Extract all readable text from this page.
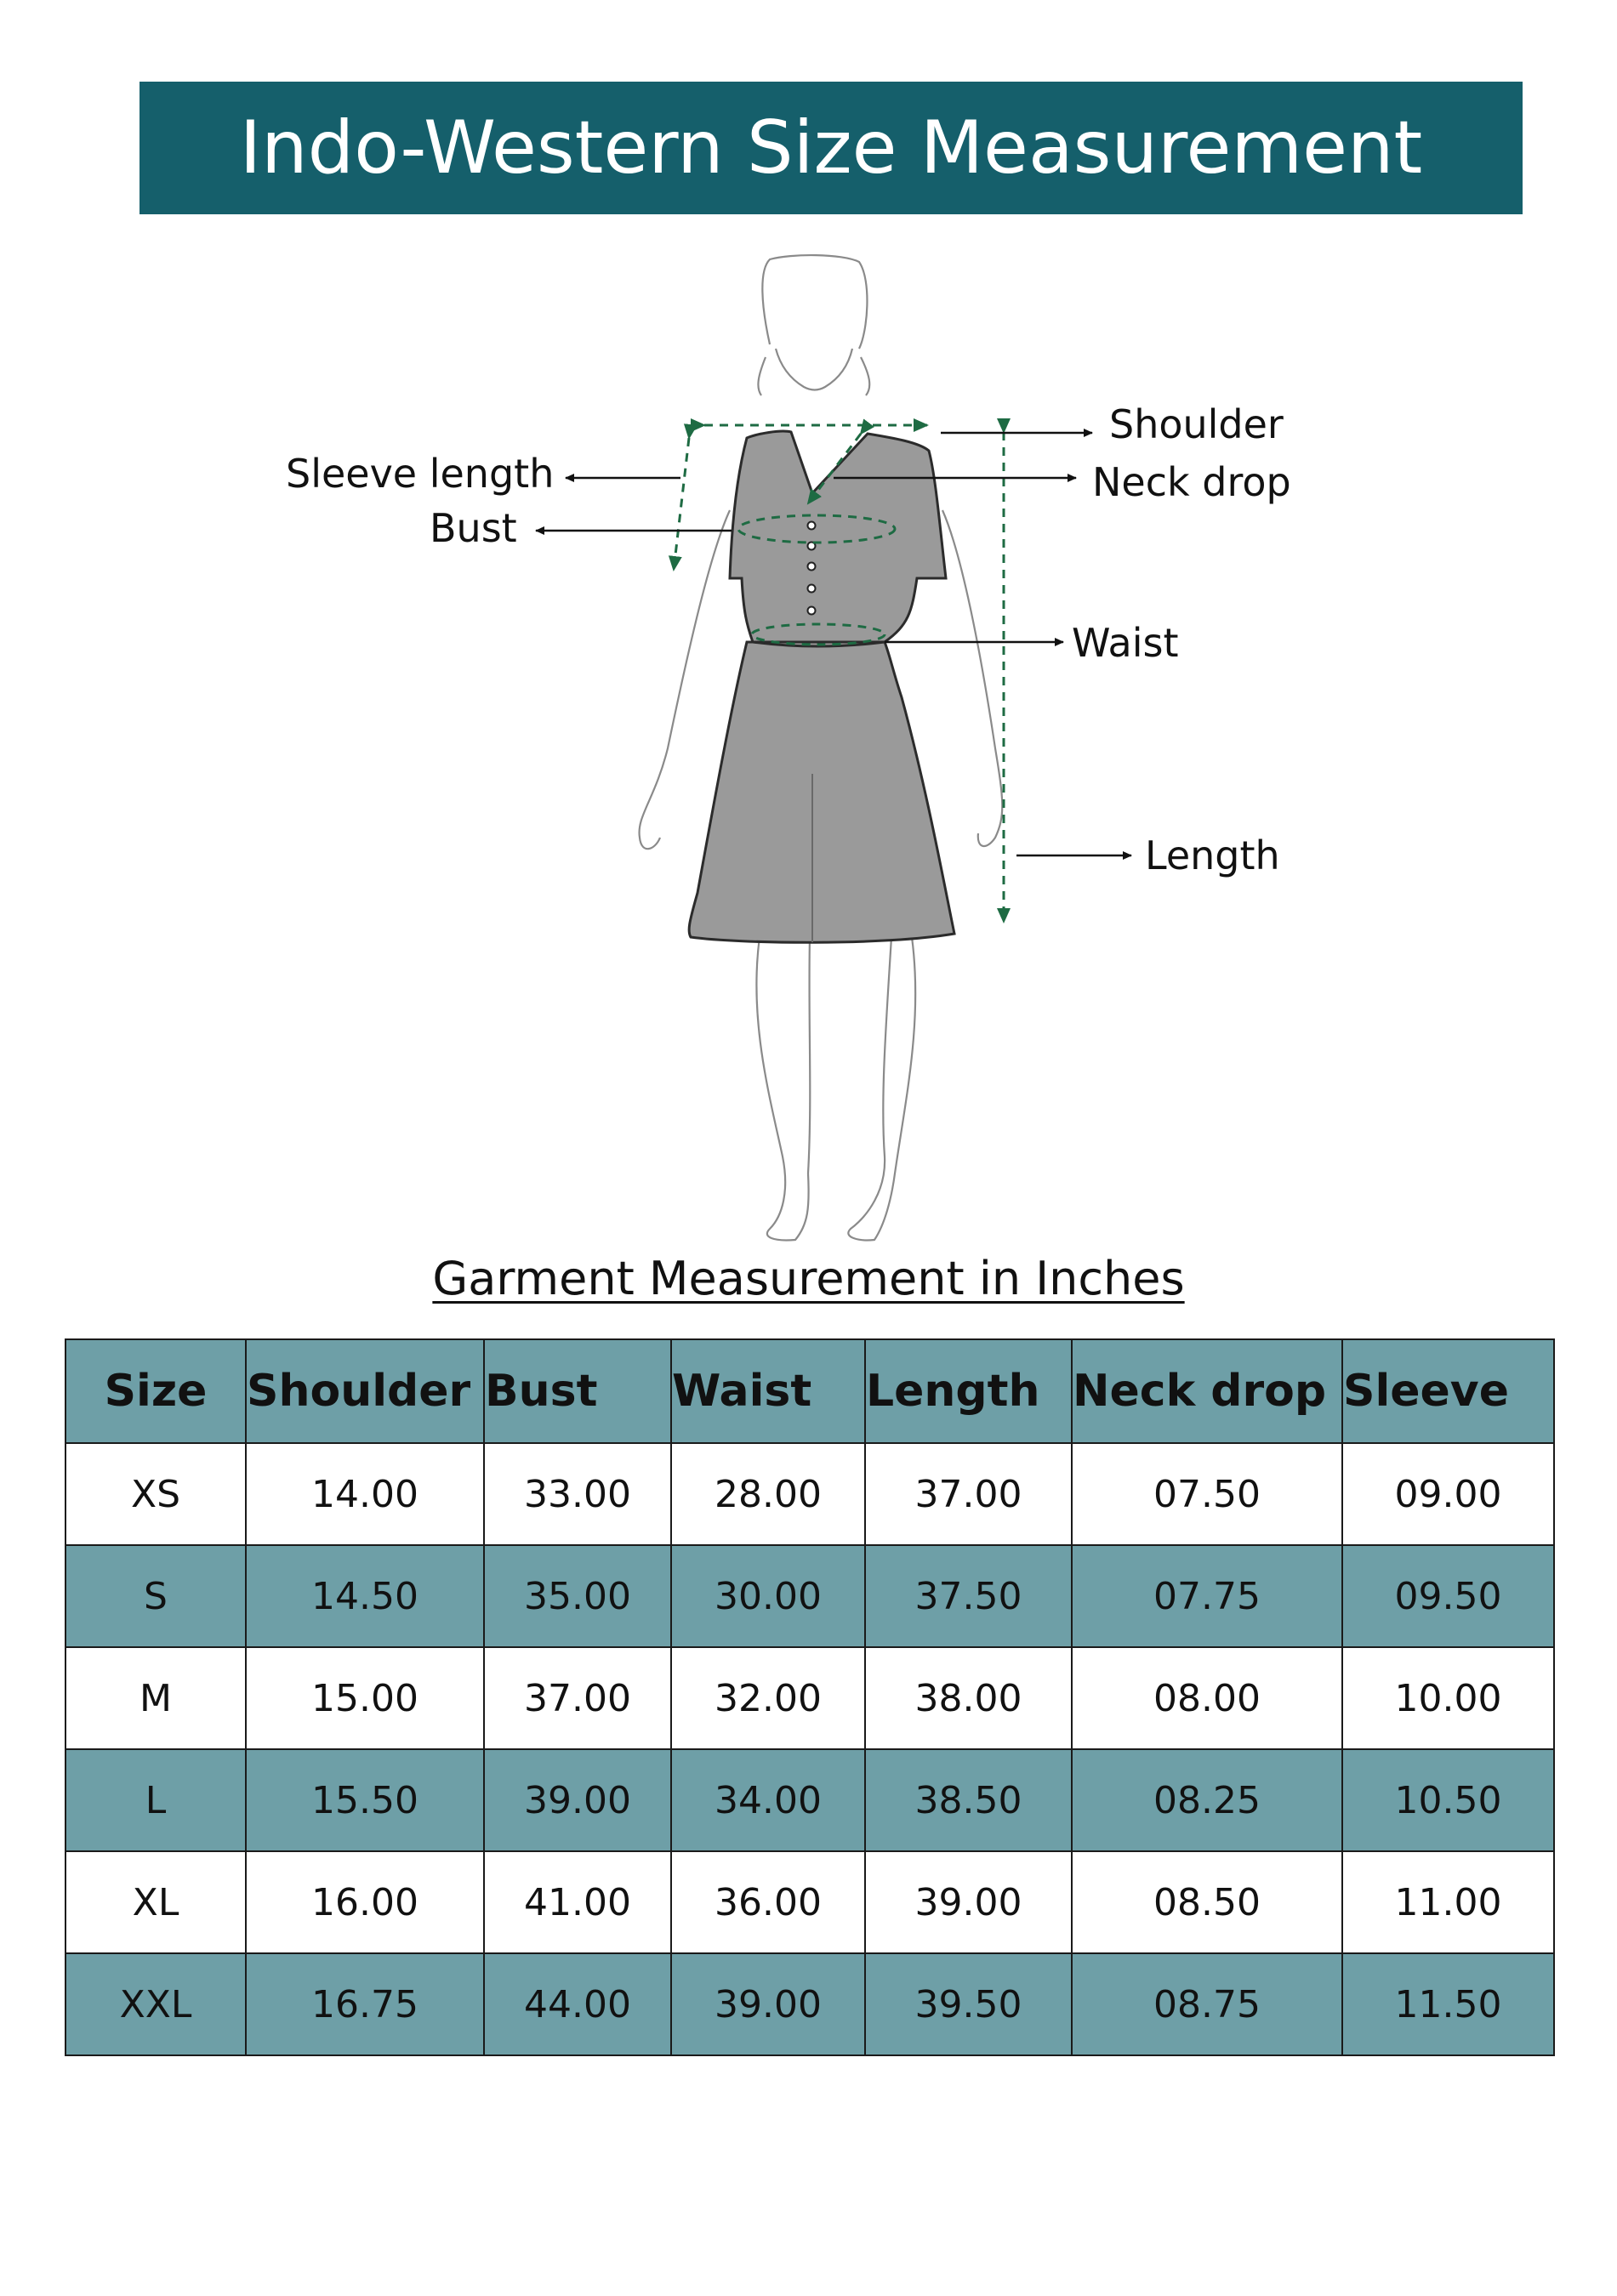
Indo-Western Size Measurement
Shoulder
Neck drop
Sleeve length
Bust
Waist
Length
Garment Measurement in Inches
Size	Shoulder	Bust	Waist	Length	Neck drop	Sleeve
XS	14.00	33.00	28.00	37.00	07.50	09.00
S	14.50	35.00	30.00	37.50	07.75	09.50
M	15.00	37.00	32.00	38.00	08.00	10.00
L	15.50	39.00	34.00	38.50	08.25	10.50
XL	16.00	41.00	36.00	39.00	08.50	11.00
XXL	16.75	44.00	39.00	39.50	08.75	11.50
